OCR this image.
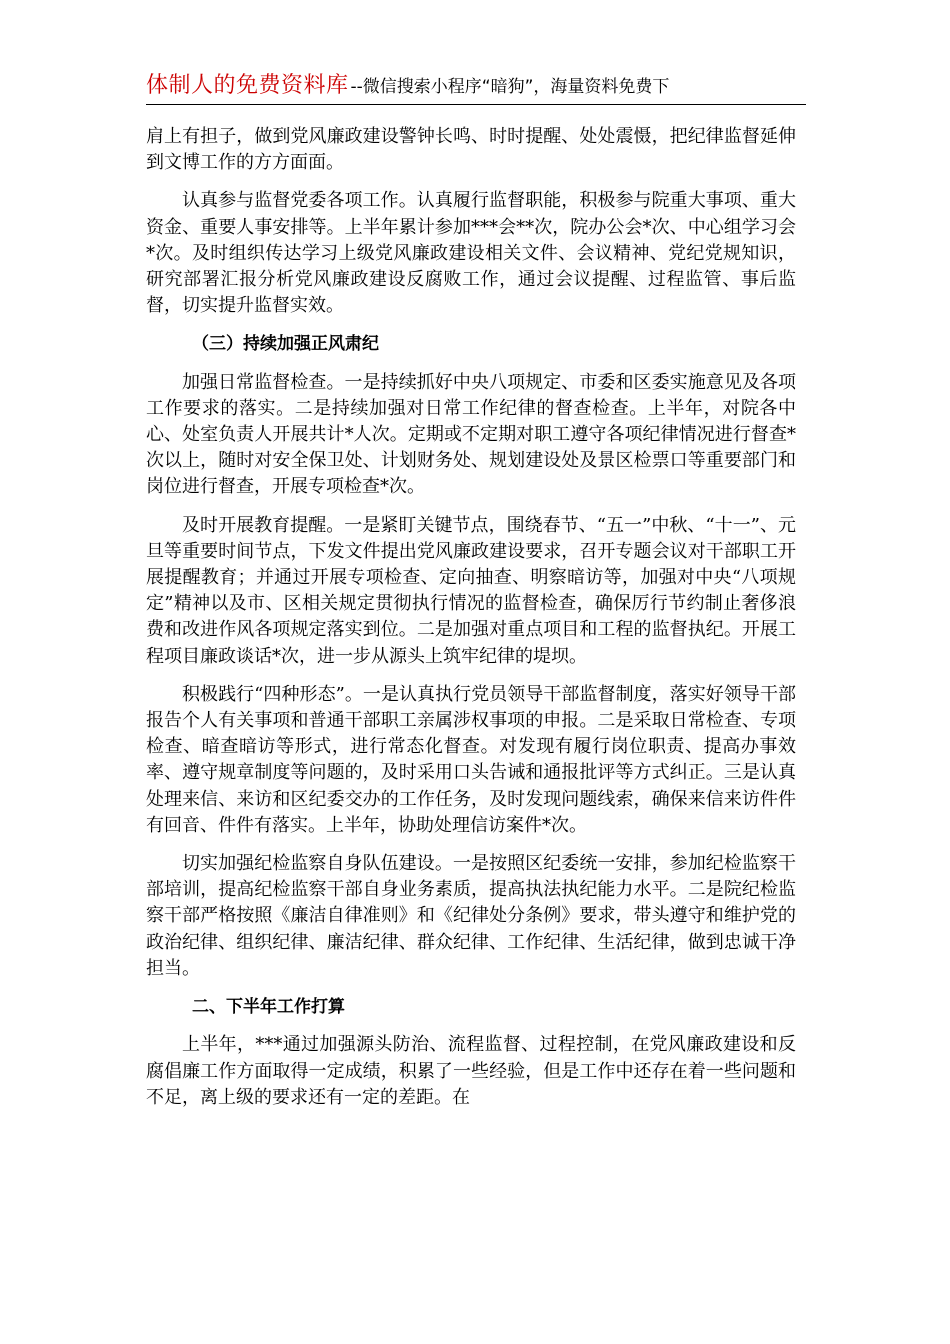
体制人的免费资料库 --微信搜索小程序“暗狗”，海量资料免费下

肩上有担子，做到党风廉政建设警钟长鸣、时时提醒、处处震慑，把纪律监督延伸到文博工作的方方面面。

认真参与监督党委各项工作。认真履行监督职能，积极参与院重大事项、重大资金、重要人事安排等。上半年累计参加***会**次，院办公会*次、中心组学习会*次。及时组织传达学习上级党风廉政建设相关文件、会议精神、党纪党规知识，研究部署汇报分析党风廉政建设反腐败工作，通过会议提醒、过程监管、事后监督，切实提升监督实效。

（三）持续加强正风肃纪

加强日常监督检查。一是持续抓好中央八项规定、市委和区委实施意见及各项工作要求的落实。二是持续加强对日常工作纪律的督查检查。上半年，对院各中心、处室负责人开展共计*人次。定期或不定期对职工遵守各项纪律情况进行督查*次以上，随时对安全保卫处、计划财务处、规划建设处及景区检票口等重要部门和岗位进行督查，开展专项检查*次。

及时开展教育提醒。一是紧盯关键节点，围绕春节、“五一”中秋、“十一”、元旦等重要时间节点，下发文件提出党风廉政建设要求，召开专题会议对干部职工开展提醒教育；并通过开展专项检查、定向抽查、明察暗访等，加强对中央“八项规定”精神以及市、区相关规定贯彻执行情况的监督检查，确保厉行节约制止奢侈浪费和改进作风各项规定落实到位。二是加强对重点项目和工程的监督执纪。开展工程项目廉政谈话*次，进一步从源头上筑牢纪律的堤坝。

积极践行“四种形态”。一是认真执行党员领导干部监督制度，落实好领导干部报告个人有关事项和普通干部职工亲属涉权事项的申报。二是采取日常检查、专项检查、暗查暗访等形式，进行常态化督查。对发现有履行岗位职责、提高办事效率、遵守规章制度等问题的，及时采用口头告诫和通报批评等方式纠正。三是认真处理来信、来访和区纪委交办的工作任务，及时发现问题线索，确保来信来访件件有回音、件件有落实。上半年，协助处理信访案件*次。

切实加强纪检监察自身队伍建设。一是按照区纪委统一安排，参加纪检监察干部培训，提高纪检监察干部自身业务素质，提高执法执纪能力水平。二是院纪检监察干部严格按照《廉洁自律准则》和《纪律处分条例》要求，带头遵守和维护党的政治纪律、组织纪律、廉洁纪律、群众纪律、工作纪律、生活纪律，做到忠诚干净担当。

二、下半年工作打算

上半年，***通过加强源头防治、流程监督、过程控制，在党风廉政建设和反腐倡廉工作方面取得一定成绩，积累了一些经验，但是工作中还存在着一些问题和不足，离上级的要求还有一定的差距。在
